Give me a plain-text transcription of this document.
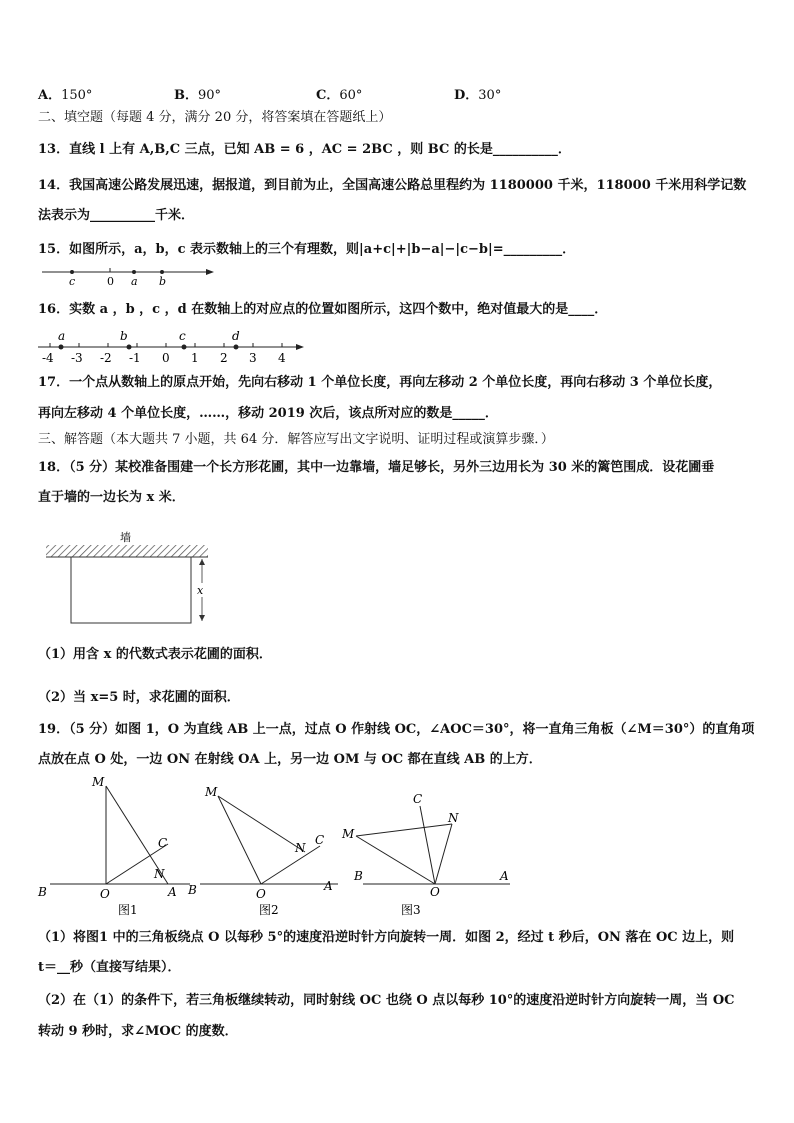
A．150°	B．90°	C．60°	D．30°
二、填空题（每题 4 分，满分 20 分，将答案填在答题纸上）
13．直线 l 上有 A,B,C 三点，已知 AB = 6 ，AC = 2BC ，则 BC 的长是__________．
14．我国高速公路发展迅速，据报道，到目前为止，全国高速公路总里程约为 1180000 千米，118000 千米用科学记数
法表示为__________千米．
15．如图所示，a，b，c 表示数轴上的三个有理数，则|a+c|+|b−a|−|c−b|=_________．
c	0 a b
16．实数 a ，b ，c ，d 在数轴上的对应点的位置如图所示，这四个数中，绝对值最大的是____．
a	b	c	d
-4 -3 -2 -1 0 1 2 3 4
17．一个点从数轴上的原点开始，先向右移动 1 个单位长度，再向左移动 2 个单位长度，再向右移动 3 个单位长度，
再向左移动 4 个单位长度，……，移动 2019 次后，该点所对应的数是_____．
三、解答题（本大题共 7 小题，共 64 分．解答应写出文字说明、证明过程或演算步骤．）
18．（5 分）某校准备围建一个长方形花圃，其中一边靠墙，墙足够长，另外三边用长为 30 米的篱笆围成．设花圃垂
直于墙的一边长为 x 米．
墙
x
（1）用含 x 的代数式表示花圃的面积．
（2）当 x=5 时，求花圃的面积．
19．（5 分）如图 1，O 为直线 AB 上一点，过点 O 作射线 OC，∠AOC＝30°，将一直角三角板（∠M＝30°）的直角项
点放在点 O 处，一边 ON 在射线 OA 上，另一边 OM 与 OC 都在直线 AB 的上方．
M
C
N
B	O	A
M
C
N
B	O
A
M
C
N
B
O
A
图1	图2	图3
（1）将图1 中的三角板绕点 O 以每秒 5°的速度沿逆时针方向旋转一周．如图 2，经过 t 秒后，ON 落在 OC 边上，则
t＝__秒（直接写结果）．
（2）在（1）的条件下，若三角板继续转动，同时射线 OC 也绕 O 点以每秒 10°的速度沿逆时针方向旋转一周，当 OC
转动 9 秒时，求∠MOC 的度数．
